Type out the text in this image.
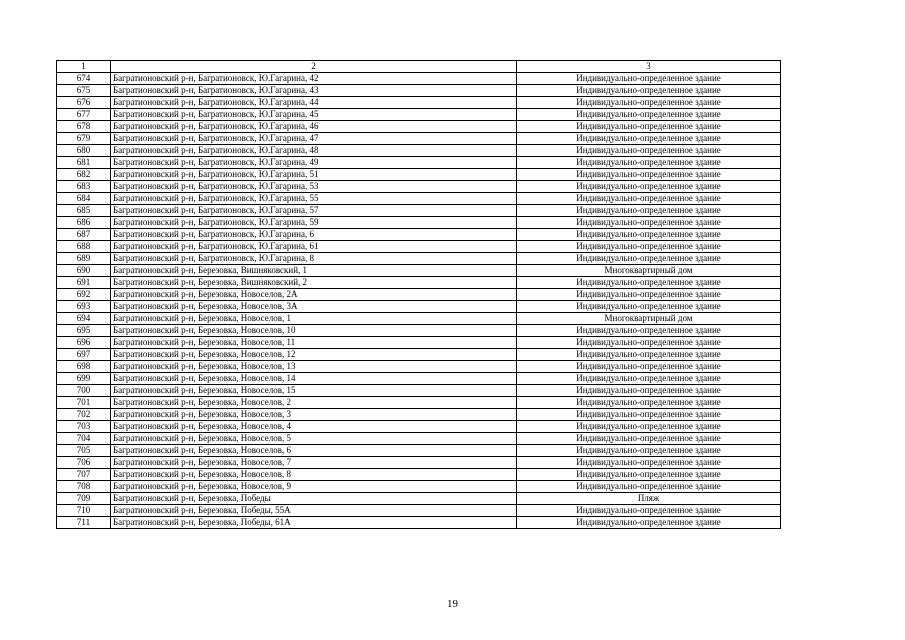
1	2	3
674	Багратионовский р-н, Багратионовск, Ю.Гагарина, 42	Индивидуально-определенное здание
675	Багратионовский р-н, Багратионовск, Ю.Гагарина, 43	Индивидуально-определенное здание
676	Багратионовский р-н, Багратионовск, Ю.Гагарина, 44	Индивидуально-определенное здание
677	Багратионовский р-н, Багратионовск, Ю.Гагарина, 45	Индивидуально-определенное здание
678	Багратионовский р-н, Багратионовск, Ю.Гагарина, 46	Индивидуально-определенное здание
679	Багратионовский р-н, Багратионовск, Ю.Гагарина, 47	Индивидуально-определенное здание
680	Багратионовский р-н, Багратионовск, Ю.Гагарина, 48	Индивидуально-определенное здание
681	Багратионовский р-н, Багратионовск, Ю.Гагарина, 49	Индивидуально-определенное здание
682	Багратионовский р-н, Багратионовск, Ю.Гагарина, 51	Индивидуально-определенное здание
683	Багратионовский р-н, Багратионовск, Ю.Гагарина, 53	Индивидуально-определенное здание
684	Багратионовский р-н, Багратионовск, Ю.Гагарина, 55	Индивидуально-определенное здание
685	Багратионовский р-н, Багратионовск, Ю.Гагарина, 57	Индивидуально-определенное здание
686	Багратионовский р-н, Багратионовск, Ю.Гагарина, 59	Индивидуально-определенное здание
687	Багратионовский р-н, Багратионовск, Ю.Гагарина, 6	Индивидуально-определенное здание
688	Багратионовский р-н, Багратионовск, Ю.Гагарина, 61	Индивидуально-определенное здание
689	Багратионовский р-н, Багратионовск, Ю.Гагарина, 8	Индивидуально-определенное здание
690	Багратионовский р-н, Березовка, Вишняковский, 1	Многоквартирный дом
691	Багратионовский р-н, Березовка, Вишняковский, 2	Индивидуально-определенное здание
692	Багратионовский р-н, Березовка, Новоселов, 2А	Индивидуально-определенное здание
693	Багратионовский р-н, Березовка, Новоселов, 3А	Индивидуально-определенное здание
694	Багратионовский р-н, Березовка, Новоселов, 1	Многоквартирный дом
695	Багратионовский р-н, Березовка, Новоселов, 10	Индивидуально-определенное здание
696	Багратионовский р-н, Березовка, Новоселов, 11	Индивидуально-определенное здание
697	Багратионовский р-н, Березовка, Новоселов, 12	Индивидуально-определенное здание
698	Багратионовский р-н, Березовка, Новоселов, 13	Индивидуально-определенное здание
699	Багратионовский р-н, Березовка, Новоселов, 14	Индивидуально-определенное здание
700	Багратионовский р-н, Березовка, Новоселов, 15	Индивидуально-определенное здание
701	Багратионовский р-н, Березовка, Новоселов, 2	Индивидуально-определенное здание
702	Багратионовский р-н, Березовка, Новоселов, 3	Индивидуально-определенное здание
703	Багратионовский р-н, Березовка, Новоселов, 4	Индивидуально-определенное здание
704	Багратионовский р-н, Березовка, Новоселов, 5	Индивидуально-определенное здание
705	Багратионовский р-н, Березовка, Новоселов, 6	Индивидуально-определенное здание
706	Багратионовский р-н, Березовка, Новоселов, 7	Индивидуально-определенное здание
707	Багратионовский р-н, Березовка, Новоселов, 8	Индивидуально-определенное здание
708	Багратионовский р-н, Березовка, Новоселов, 9	Индивидуально-определенное здание
709	Багратионовский р-н, Березовка, Победы	Пляж
710	Багратионовский р-н, Березовка, Победы, 55А	Индивидуально-определенное здание
711	Багратионовский р-н, Березовка, Победы, 61А	Индивидуально-определенное здание
19
